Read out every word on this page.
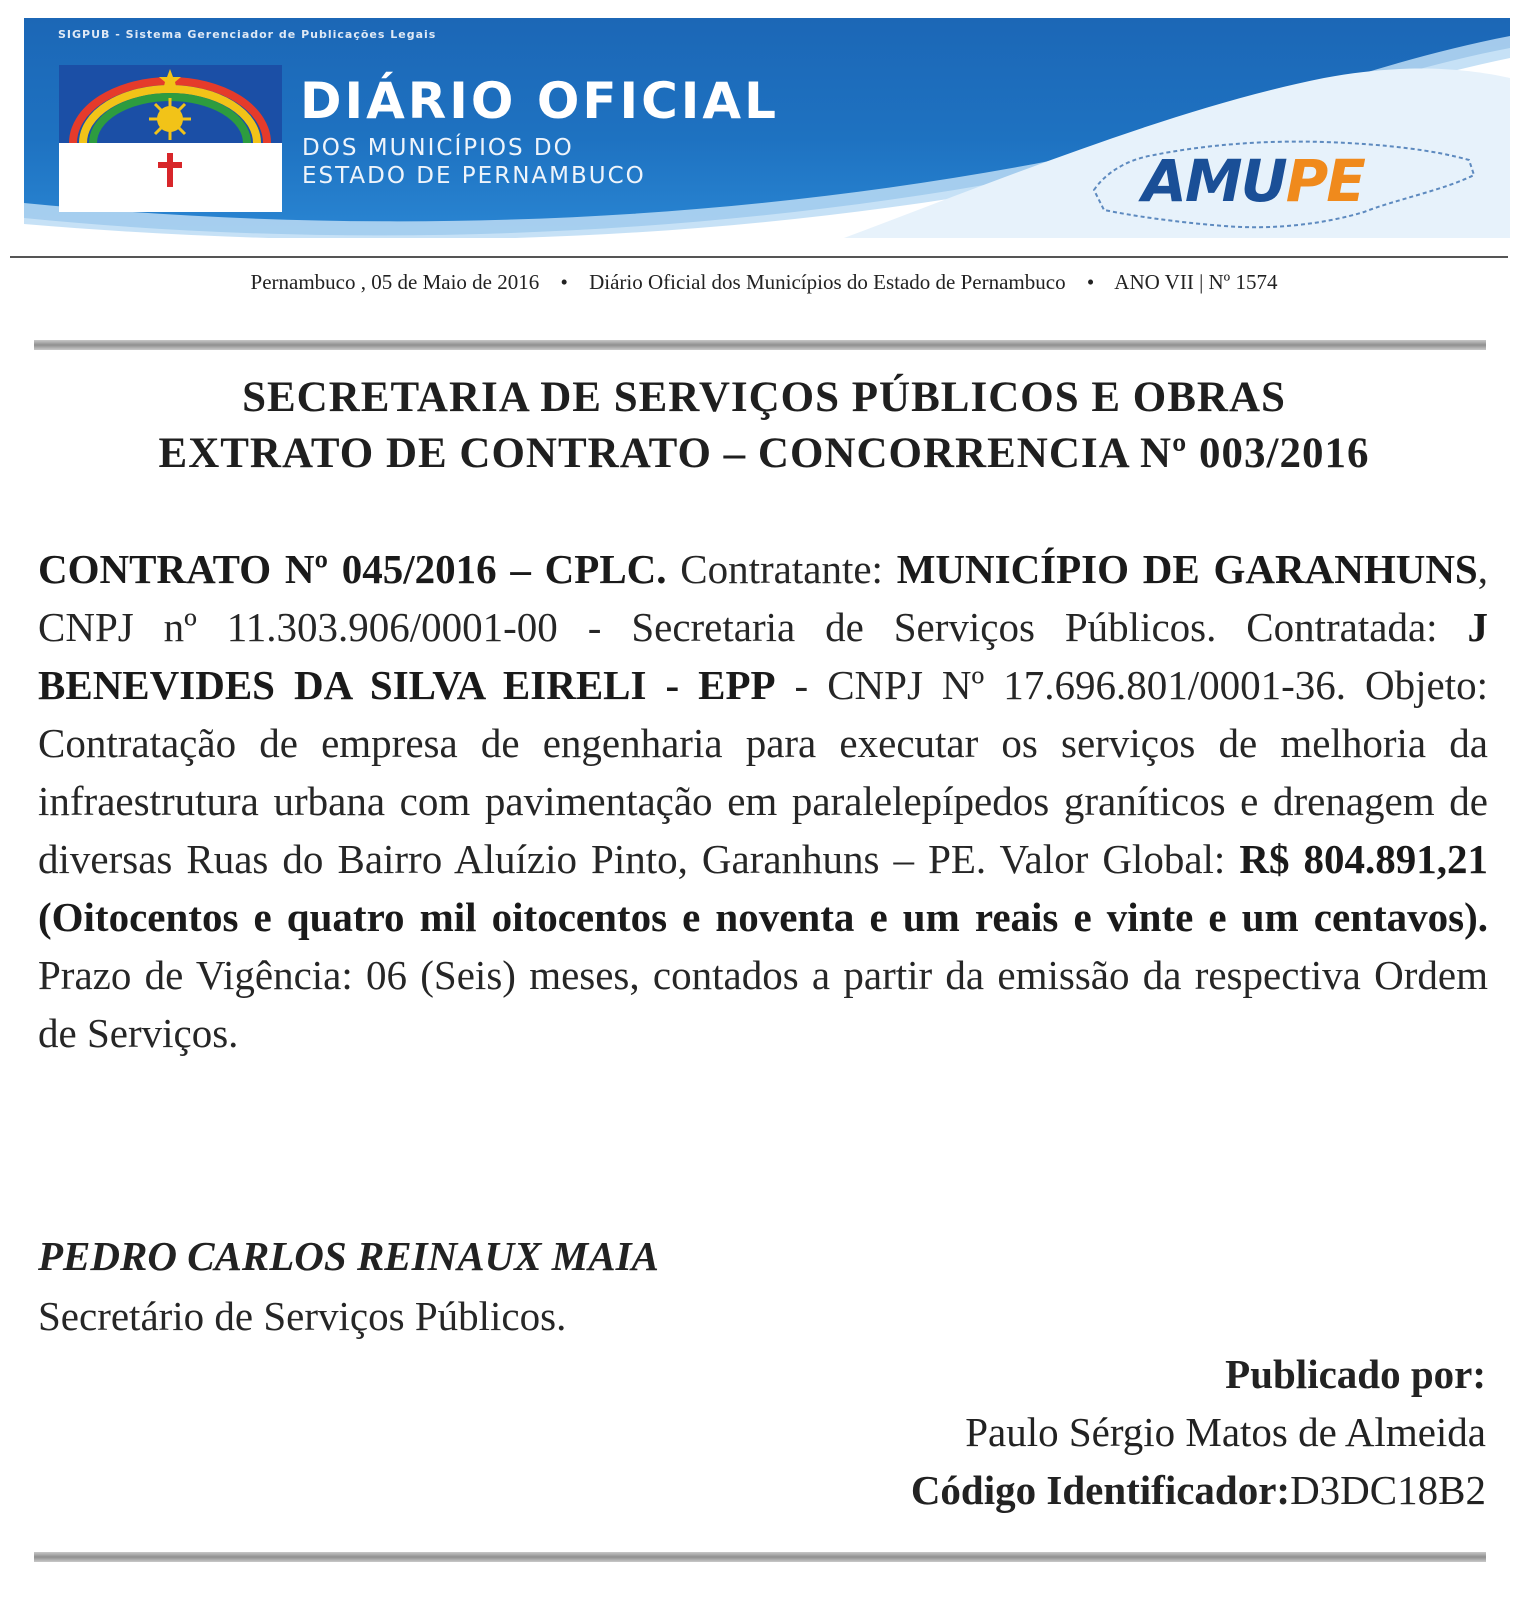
SIGPUB - Sistema Gerenciador de Publicações Legais
DIÁRIO OFICIAL
DOS MUNICÍPIOS DO
ESTADO DE PERNAMBUCO	AMUPE
Pernambuco , 05 de Maio de 2016 • Diário Oficial dos Municípios do Estado de Pernambuco • ANO VII | Nº 1574
SECRETARIA DE SERVIÇOS PÚBLICOS E OBRAS
EXTRATO DE CONTRATO – CONCORRENCIA Nº 003/2016
CONTRATO Nº 045/2016 – CPLC. Contratante: MUNICÍPIO DE GARANHUNS, CNPJ nº 11.303.906/0001-00 - Secretaria de Serviços Públicos. Contratada: J BENEVIDES DA SILVA EIRELI - EPP - CNPJ Nº 17.696.801/0001-36. Objeto: Contratação de empresa de engenharia para executar os serviços de melhoria da infraestrutura urbana com pavimentação em paralelepípedos graníticos e drenagem de diversas Ruas do Bairro Aluízio Pinto, Garanhuns – PE. Valor Global: R$ 804.891,21 (Oitocentos e quatro mil oitocentos e noventa e um reais e vinte e um centavos). Prazo de Vigência: 06 (Seis) meses, contados a partir da emissão da respectiva Ordem de Serviços.
PEDRO CARLOS REINAUX MAIA
Secretário de Serviços Públicos.
Publicado por:
Paulo Sérgio Matos de Almeida
Código Identificador:D3DC18B2
